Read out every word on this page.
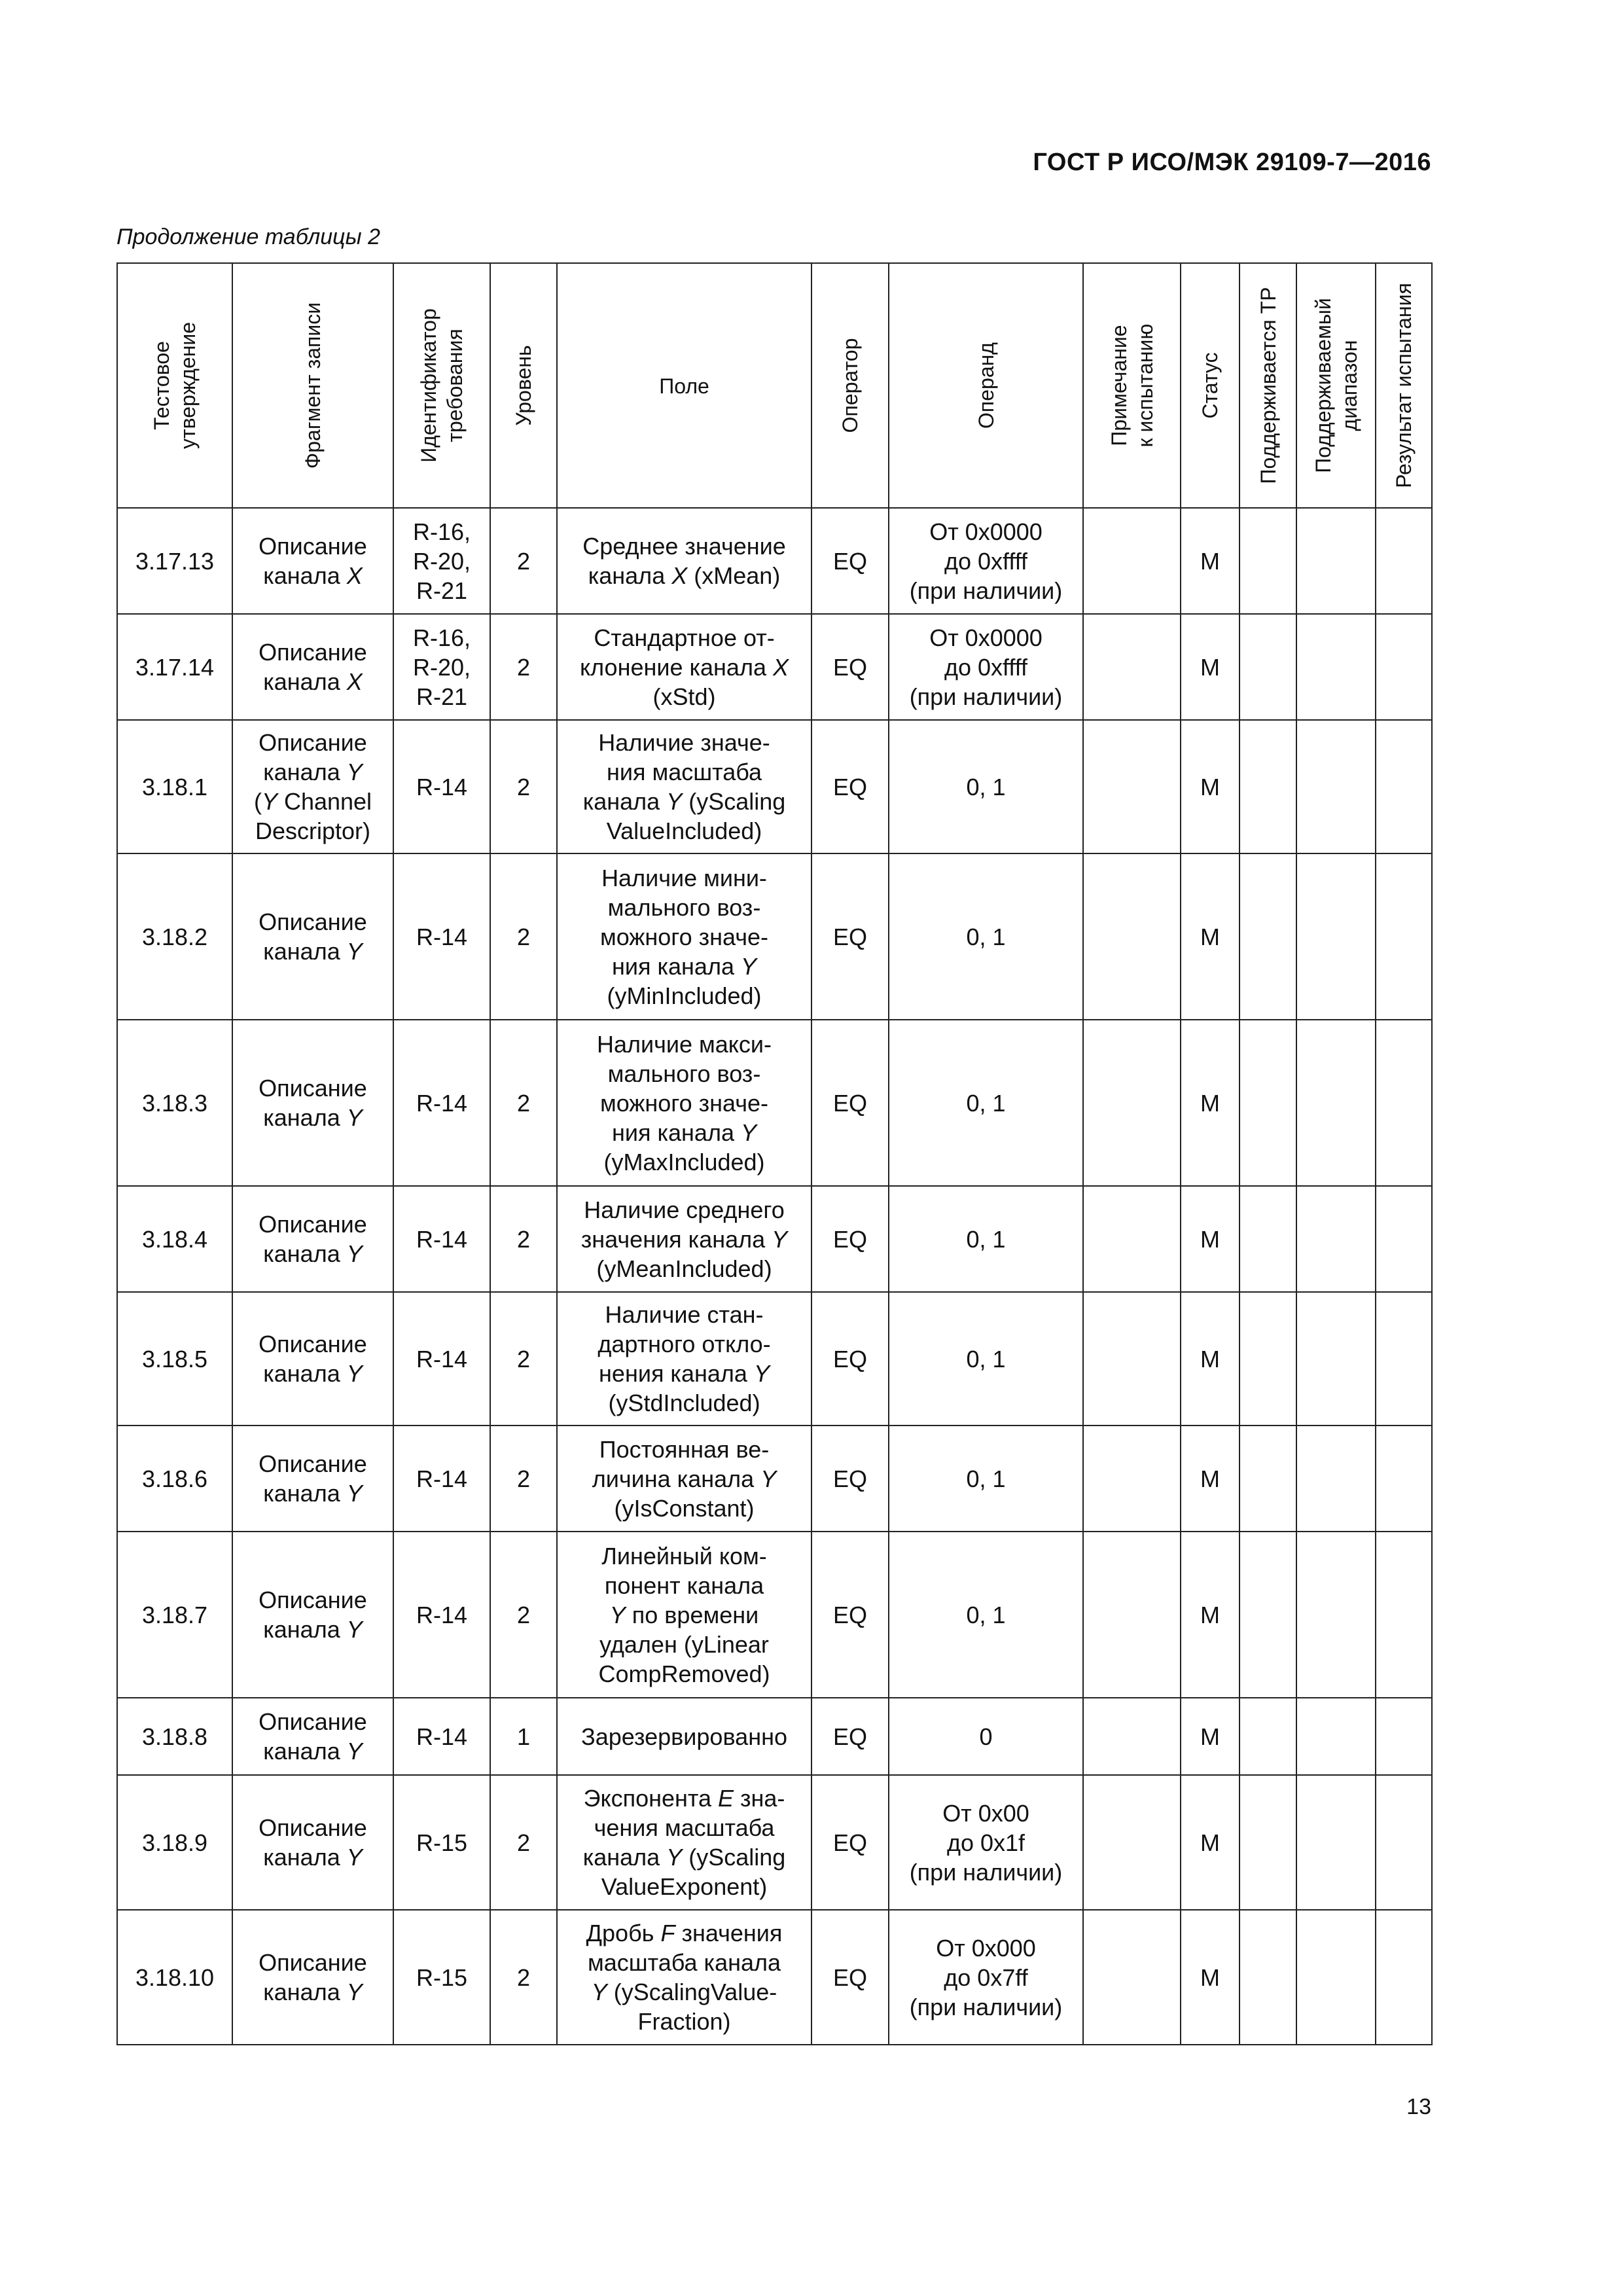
ГОСТ Р ИСО/МЭК 29109-7—2016
Продолжение таблицы 2
Тестовое утверждение	Фрагмент записи	Идентификатор требования	Уровень	Поле	Оператор	Операнд	Примечание к испытанию	Статус	Поддерживается ТР	Поддерживаемый диапазон	Результат испытания

3.17.13	Описание
канала X	R-16,
R-20,
R-21	2	Среднее значение
канала X (xMean)	EQ	От 0x0000
до 0xffff
(при наличии)		M			
3.17.14	Описание
канала X	R-16,
R-20,
R-21	2	Стандартное от-
клонение канала X
(xStd)	EQ	От 0x0000
до 0xffff
(при наличии)		M			
3.18.1	Описание
канала Y
(Y Channel
Descriptor)	R-14	2	Наличие значе-
ния масштаба
канала Y (yScaling
ValueIncluded)	EQ	0, 1		M			
3.18.2	Описание
канала Y	R-14	2	Наличие мини-
мального воз-
можного значе-
ния канала Y
(yMinIncluded)	EQ	0, 1		M			
3.18.3	Описание
канала Y	R-14	2	Наличие макси-
мального воз-
можного значе-
ния канала Y
(yMaxIncluded)	EQ	0, 1		M			
3.18.4	Описание
канала Y	R-14	2	Наличие среднего
значения канала Y
(yMeanIncluded)	EQ	0, 1		M			
3.18.5	Описание
канала Y	R-14	2	Наличие стан-
дартного откло-
нения канала Y
(yStdIncluded)	EQ	0, 1		M			
3.18.6	Описание
канала Y	R-14	2	Постоянная ве-
личина канала Y
(yIsConstant)	EQ	0, 1		M			
3.18.7	Описание
канала Y	R-14	2	Линейный ком-
понент канала
Y по времени
удален (yLinear
CompRemoved)	EQ	0, 1		M			
3.18.8	Описание
канала Y	R-14	1	Зарезервированно	EQ	0		M			
3.18.9	Описание
канала Y	R-15	2	Экспонента E зна-
чения масштаба
канала Y (yScaling
ValueExponent)	EQ	От 0x00
до 0x1f
(при наличии)		M			
3.18.10	Описание
канала Y	R-15	2	Дробь F значения
масштаба канала
Y (yScalingValue-
Fraction)	EQ	От 0x000
до 0x7ff
(при наличии)		M			
13
